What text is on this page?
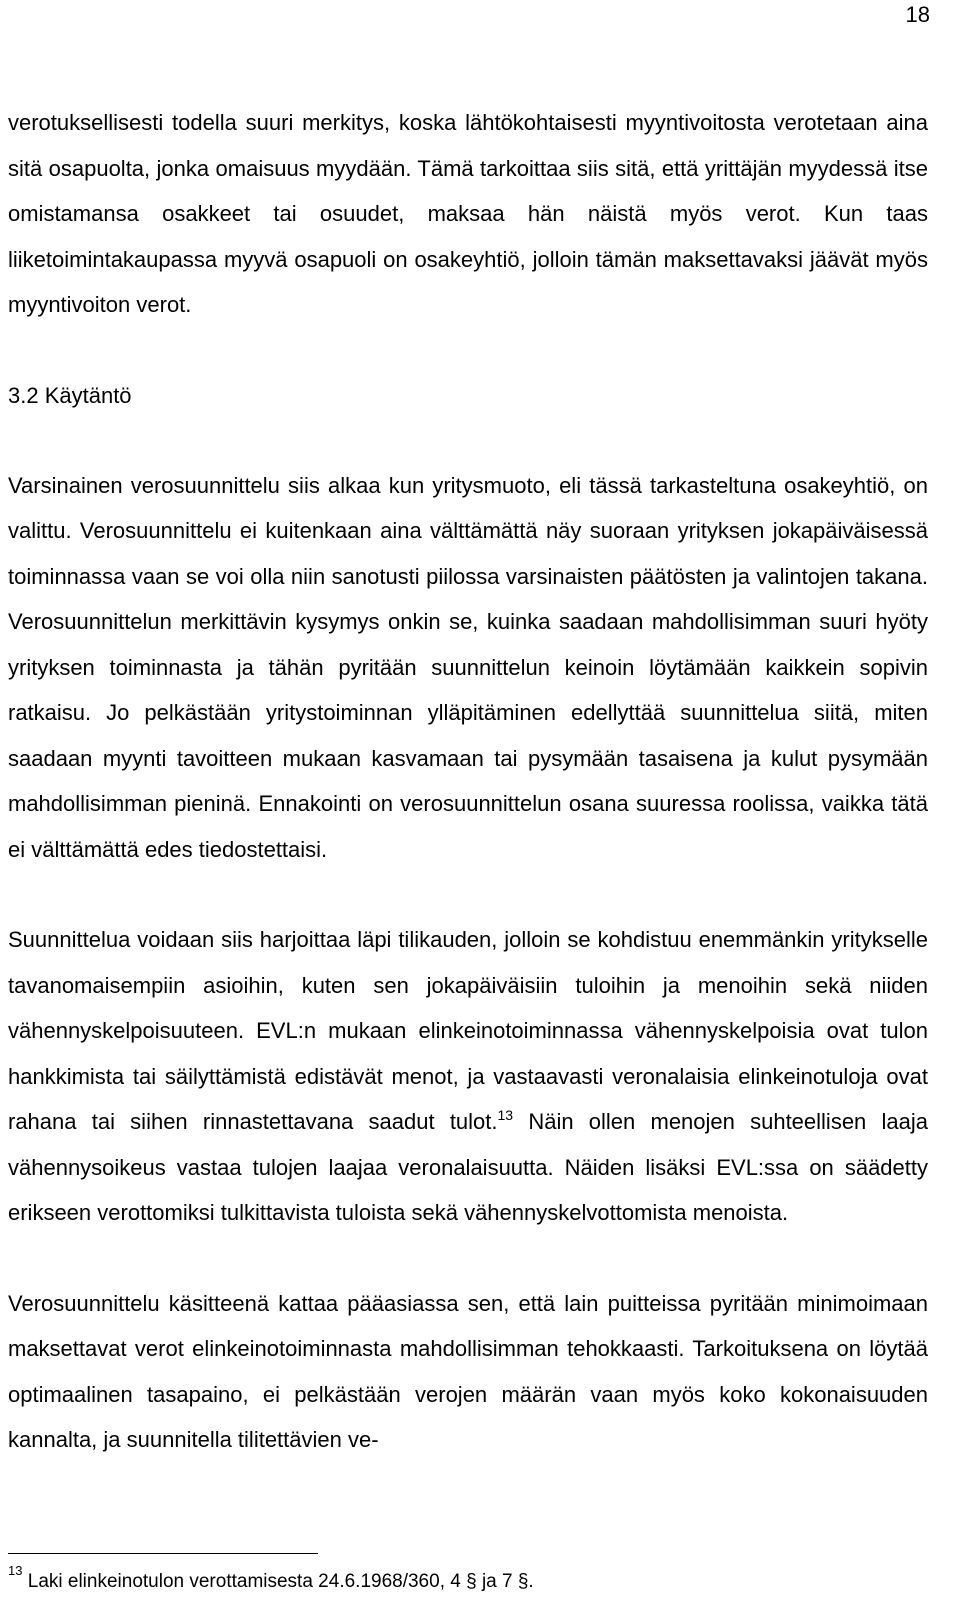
18

verotuksellisesti todella suuri merkitys, koska lähtökohtaisesti myyntivoitosta verotetaan aina sitä osapuolta, jonka omaisuus myydään. Tämä tarkoittaa siis sitä, että yrittäjän myydessä itse omistamansa osakkeet tai osuudet, maksaa hän näistä myös verot. Kun taas liiketoimintakaupassa myyvä osapuoli on osakeyhtiö, jolloin tämän maksettavaksi jäävät myös myyntivoiton verot.

3.2 Käytäntö

Varsinainen verosuunnittelu siis alkaa kun yritysmuoto, eli tässä tarkasteltuna osakeyhtiö, on valittu. Verosuunnittelu ei kuitenkaan aina välttämättä näy suoraan yrityksen jokapäiväisessä toiminnassa vaan se voi olla niin sanotusti piilossa varsinaisten päätösten ja valintojen takana. Verosuunnittelun merkittävin kysymys onkin se, kuinka saadaan mahdollisimman suuri hyöty yrityksen toiminnasta ja tähän pyritään suunnittelun keinoin löytämään kaikkein sopivin ratkaisu. Jo pelkästään yritystoiminnan ylläpitäminen edellyttää suunnittelua siitä, miten saadaan myynti tavoitteen mukaan kasvamaan tai pysymään tasaisena ja kulut pysymään mahdollisimman pieninä. Ennakointi on verosuunnittelun osana suuressa roolissa, vaikka tätä ei välttämättä edes tiedostettaisi.

Suunnittelua voidaan siis harjoittaa läpi tilikauden, jolloin se kohdistuu enemmänkin yritykselle tavanomaisempiin asioihin, kuten sen jokapäiväisiin tuloihin ja menoihin sekä niiden vähennyskelpoisuuteen. EVL:n mukaan elinkeinotoiminnassa vähennyskelpoisia ovat tulon hankkimista tai säilyttämistä edistävät menot, ja vastaavasti veronalaisia elinkeinotuloja ovat rahana tai siihen rinnastettavana saadut tulot.$^{13}$ Näin ollen menojen suhteellisen laaja vähennysoikeus vastaa tulojen laajaa veronalaisuutta. Näiden lisäksi EVL:ssa on säädetty erikseen verottomiksi tulkittavista tuloista sekä vähennyskelvottomista menoista.

Verosuunnittelu käsitteenä kattaa pääasiassa sen, että lain puitteissa pyritään minimoimaan maksettavat verot elinkeinotoiminnasta mahdollisimman tehokkaasti. Tarkoituksena on löytää optimaalinen tasapaino, ei pelkästään verojen määrän vaan myös koko kokonaisuuden kannalta, ja suunnitella tilitettävien ve-

$^{13}$ Laki elinkeinotulon verottamisesta 24.6.1968/360, 4 § ja 7 §.
